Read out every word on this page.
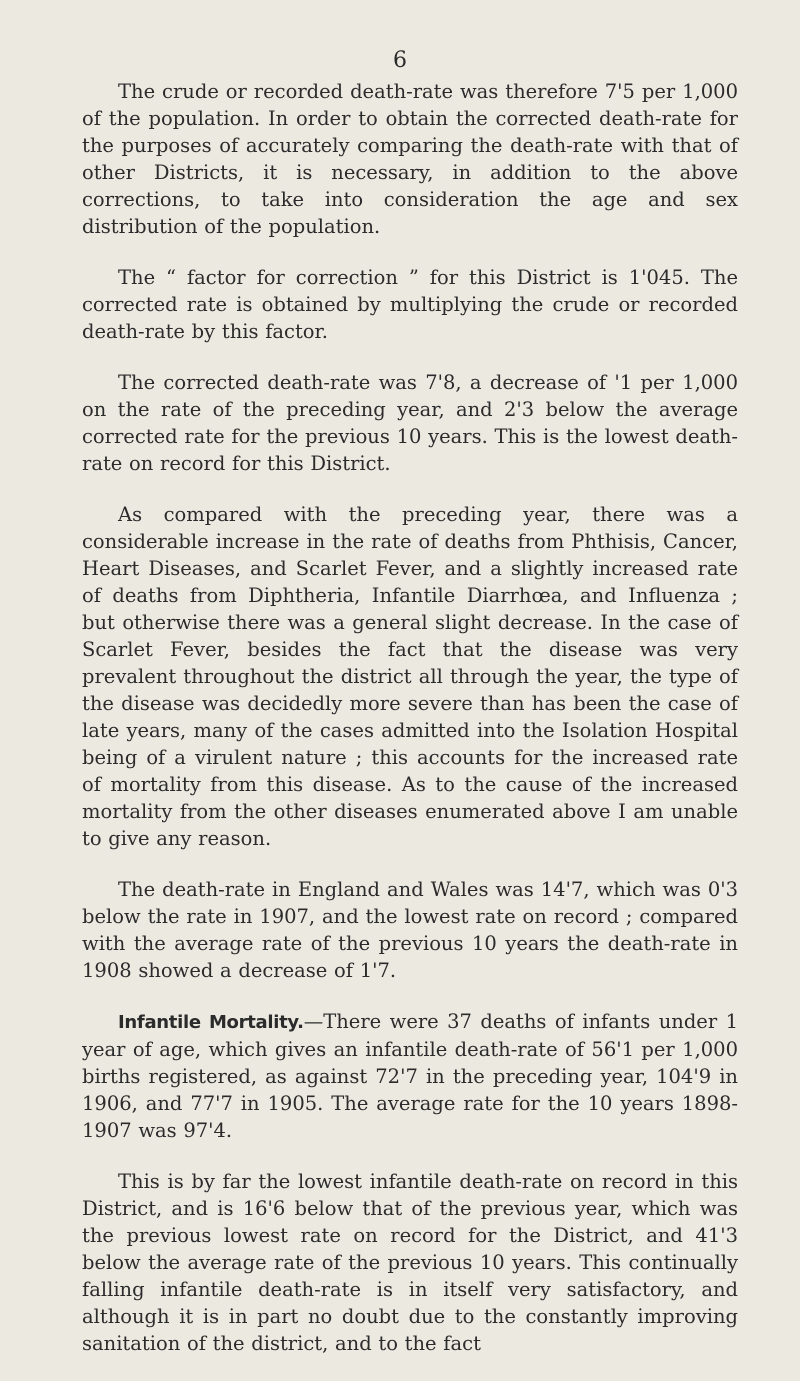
6

The crude or recorded death-rate was therefore 7'5 per 1,000 of the population. In order to obtain the corrected death-rate for the purposes of accurately comparing the death-rate with that of other Districts, it is necessary, in addition to the above corrections, to take into consideration the age and sex distribution of the population.

The “ factor for correction ” for this District is 1'045. The corrected rate is obtained by multiplying the crude or recorded death-rate by this factor.

The corrected death-rate was 7'8, a decrease of '1 per 1,000 on the rate of the preceding year, and 2'3 below the average corrected rate for the previous 10 years. This is the lowest death-rate on record for this District.

As compared with the preceding year, there was a considerable increase in the rate of deaths from Phthisis, Cancer, Heart Diseases, and Scarlet Fever, and a slightly increased rate of deaths from Diphtheria, Infantile Diarrhœa, and Influenza ; but otherwise there was a general slight decrease. In the case of Scarlet Fever, besides the fact that the disease was very prevalent throughout the district all through the year, the type of the disease was decidedly more severe than has been the case of late years, many of the cases admitted into the Isolation Hospital being of a virulent nature ; this accounts for the increased rate of mortality from this disease. As to the cause of the increased mortality from the other diseases enumerated above I am unable to give any reason.

The death-rate in England and Wales was 14'7, which was 0'3 below the rate in 1907, and the lowest rate on record ; compared with the average rate of the previous 10 years the death-rate in 1908 showed a decrease of 1'7.

Infantile Mortality.—There were 37 deaths of infants under 1 year of age, which gives an infantile death-rate of 56'1 per 1,000 births registered, as against 72'7 in the preceding year, 104'9 in 1906, and 77'7 in 1905. The average rate for the 10 years 1898-1907 was 97'4.

This is by far the lowest infantile death-rate on record in this District, and is 16'6 below that of the previous year, which was the previous lowest rate on record for the District, and 41'3 below the average rate of the previous 10 years. This continually falling infantile death-rate is in itself very satisfactory, and although it is in part no doubt due to the constantly improving sanitation of the district, and to the fact
